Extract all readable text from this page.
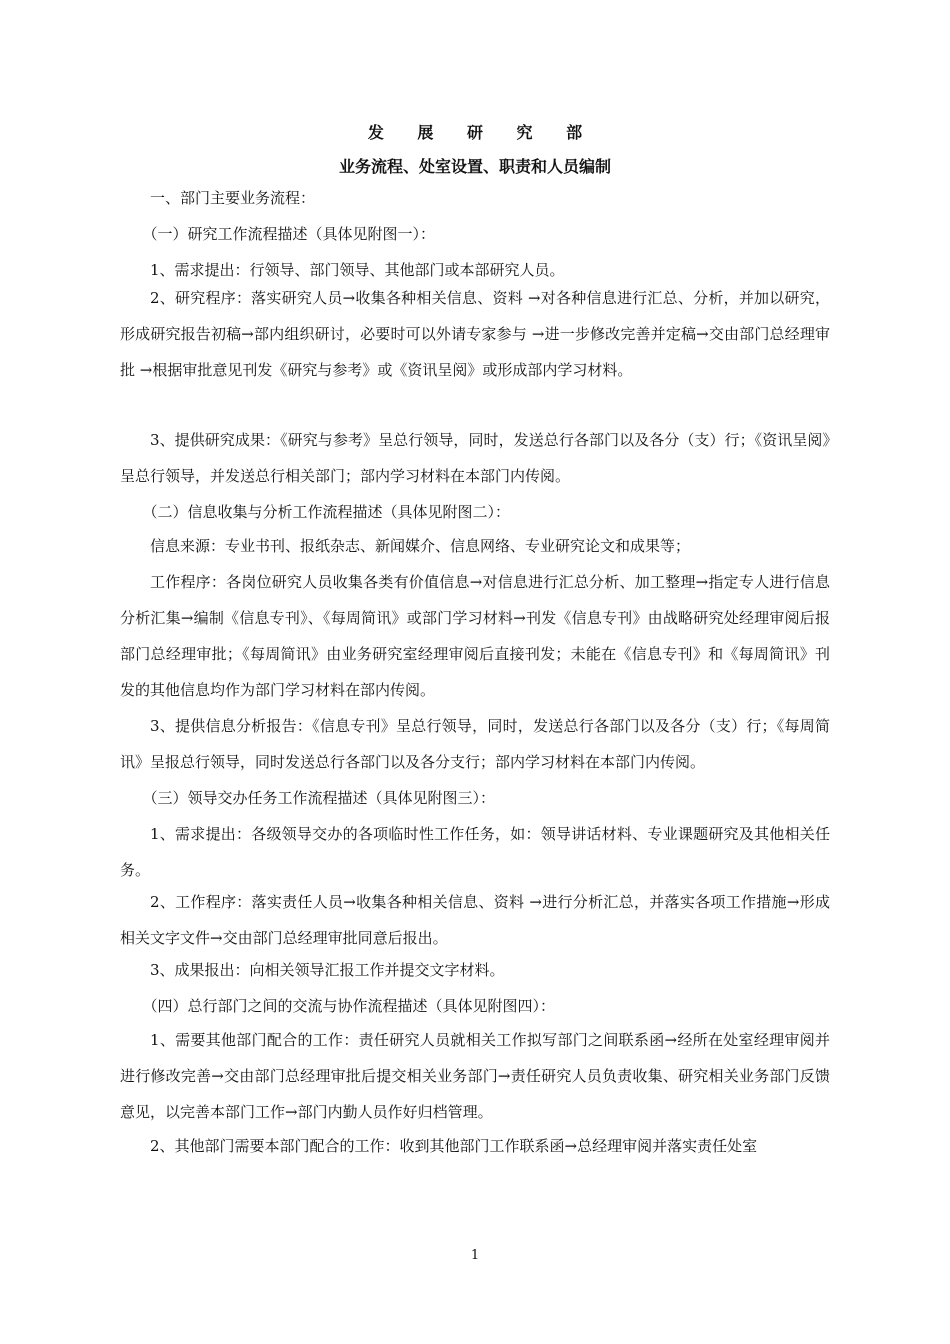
发 展 研 究 部
业务流程、处室设置、职责和人员编制

一、部门主要业务流程：

（一）研究工作流程描述（具体见附图一）：

1、需求提出：行领导、部门领导、其他部门或本部研究人员。

2、研究程序：落实研究人员→收集各种相关信息、资料 →对各种信息进行汇总、分析，并加以研究，形成研究报告初稿→部内组织研讨，必要时可以外请专家参与 →进一步修改完善并定稿→交由部门总经理审批 →根据审批意见刊发《研究与参考》或《资讯呈阅》或形成部内学习材料。

3、提供研究成果：《研究与参考》呈总行领导，同时，发送总行各部门以及各分（支）行；《资讯呈阅》呈总行领导，并发送总行相关部门；部内学习材料在本部门内传阅。

（二）信息收集与分析工作流程描述（具体见附图二）：

信息来源：专业书刊、报纸杂志、新闻媒介、信息网络、专业研究论文和成果等；

工作程序：各岗位研究人员收集各类有价值信息→对信息进行汇总分析、加工整理→指定专人进行信息分析汇集→编制《信息专刊》、《每周简讯》或部门学习材料→刊发《信息专刊》由战略研究处经理审阅后报部门总经理审批；《每周简讯》由业务研究室经理审阅后直接刊发；未能在《信息专刊》和《每周简讯》刊发的其他信息均作为部门学习材料在部内传阅。

3、提供信息分析报告：《信息专刊》呈总行领导，同时，发送总行各部门以及各分（支）行；《每周简讯》呈报总行领导，同时发送总行各部门以及各分支行；部内学习材料在本部门内传阅。

（三）领导交办任务工作流程描述（具体见附图三）：

1、需求提出：各级领导交办的各项临时性工作任务，如：领导讲话材料、专业课题研究及其他相关任务。

2、工作程序：落实责任人员→收集各种相关信息、资料 →进行分析汇总，并落实各项工作措施→形成相关文字文件→交由部门总经理审批同意后报出。

3、成果报出：向相关领导汇报工作并提交文字材料。

（四）总行部门之间的交流与协作流程描述（具体见附图四）：

1、需要其他部门配合的工作：责任研究人员就相关工作拟写部门之间联系函→经所在处室经理审阅并进行修改完善→交由部门总经理审批后提交相关业务部门→责任研究人员负责收集、研究相关业务部门反馈意见，以完善本部门工作→部门内勤人员作好归档管理。

2、其他部门需要本部门配合的工作：收到其他部门工作联系函→总经理审阅并落实责任处室

1
